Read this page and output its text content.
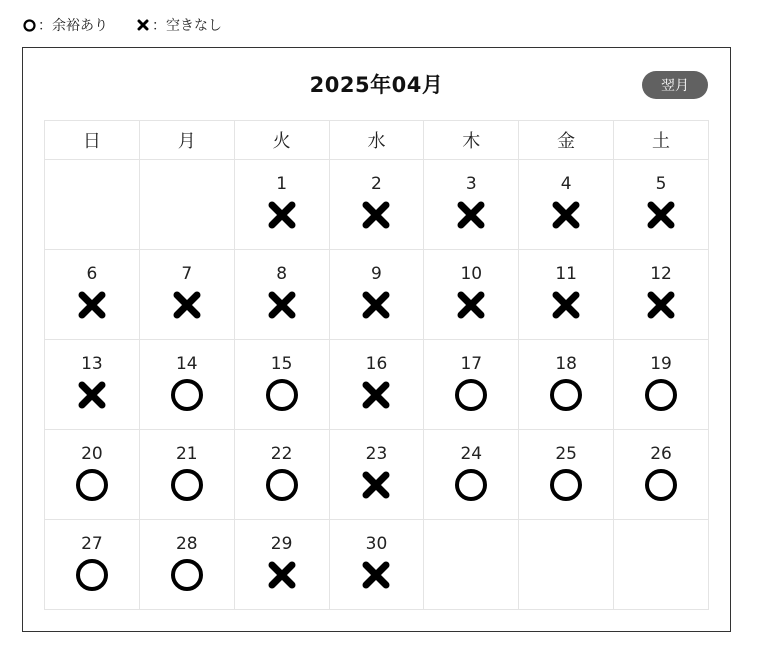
：余裕あり	：空きなし
2025年04月	翌月
日	月	火	水	木	金	土

		1	2	3	4	5

6	7	8	9	10	11	12

13	14	15	16	17	18	19

20	21	22	23	24	25	26

27	28	29	30			
